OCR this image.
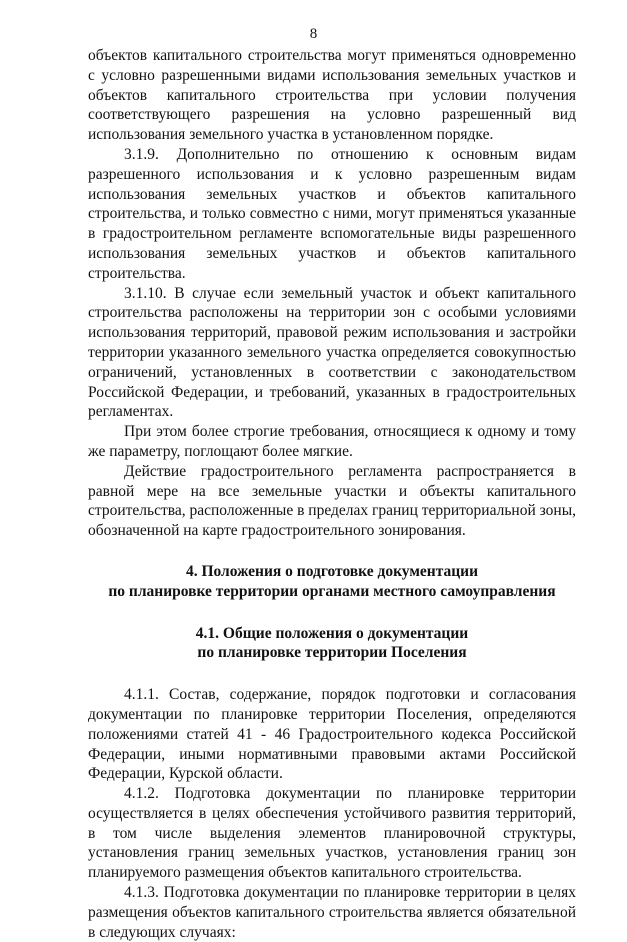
8

объектов капитального строительства могут применяться одновременно с условно разрешенными видами использования земельных участков и объектов капитального строительства при условии получения соответствующего разрешения на условно разрешенный вид использования земельного участка в установленном порядке.

3.1.9. Дополнительно по отношению к основным видам разрешенного использования и к условно разрешенным видам использования земельных участков и объектов капитального строительства, и только совместно с ними, могут применяться указанные в градостроительном регламенте вспомогательные виды разрешенного использования земельных участков и объектов капитального строительства.

3.1.10. В случае если земельный участок и объект капитального строительства расположены на территории зон с особыми условиями использования территорий, правовой режим использования и застройки территории указанного земельного участка определяется совокупностью ограничений, установленных в соответствии с законодательством Российской Федерации, и требований, указанных в градостроительных регламентах.

При этом более строгие требования, относящиеся к одному и тому же параметру, поглощают более мягкие.

Действие градостроительного регламента распространяется в равной мере на все земельные участки и объекты капитального строительства, расположенные в пределах границ территориальной зоны, обозначенной на карте градостроительного зонирования.

4. Положения о подготовке документации

по планировке территории органами местного самоуправления

4.1. Общие положения о документации

по планировке территории Поселения

4.1.1. Состав, содержание, порядок подготовки и согласования документации по планировке территории Поселения, определяются положениями статей 41 - 46 Градостроительного кодекса Российской Федерации, иными нормативными правовыми актами Российской Федерации, Курской области.

4.1.2. Подготовка документации по планировке территории осуществляется в целях обеспечения устойчивого развития территорий, в том числе выделения элементов планировочной структуры, установления границ земельных участков, установления границ зон планируемого размещения объектов капитального строительства.

4.1.3. Подготовка документации по планировке территории в целях размещения объектов капитального строительства является обязательной в следующих случаях:
